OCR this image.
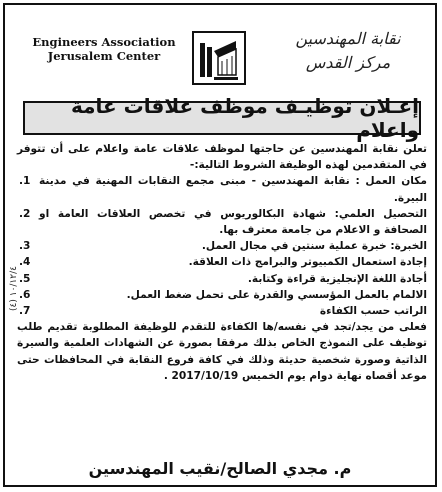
Engineers Association
Jerusalem Center
نقابة المهندسين
مركز القدس
إعـلان توظيـف موظف علاقات عامة واعلام

تعلن نقابة المهندسين عن حاجتها لموظف علاقات عامة واعلام على أن تتوفر في المتقدمين لهذه الوظيفة الشروط التالية:-

مكان العمل : نقابة المهندسين - مبنى مجمع النقابات المهنية في مدينة البيرة.
1.
التحصيل العلمي: شهادة البكالوريوس في تخصص العلاقات العامة او الصحافة و الاعلام من جامعة معترف بها.
2.
الخبرة: خبرة عملية سنتين في مجال العمل.
3.
إجادة استعمال الكمبيوتر والبرامج ذات العلاقة.
4.
أجادة اللغة الإنجليزية قراءة وكتابة.
5.
الالمام بالعمل المؤسسي والقدرة على تحمل ضغط العمل.
6.
الراتب حسب الكفاءة
7.

فعلى من يجد/تجد في نفسه/ها الكفاءة للتقدم للوظيفة المطلوبة تقديم طلب توظيف على النموذج الخاص بذلك مرفقا بصورة عن الشهادات العلمية والسيرة الذاتية وصورة شخصية حديثة وذلك في كافة فروع النقابة في المحافظات حتى موعد أقصاه نهاية دوام يوم الخميس 2017/10/19 .

(٤) ١٠/١٢/٤
م. مجدي الصالح/نقيب المهندسين
